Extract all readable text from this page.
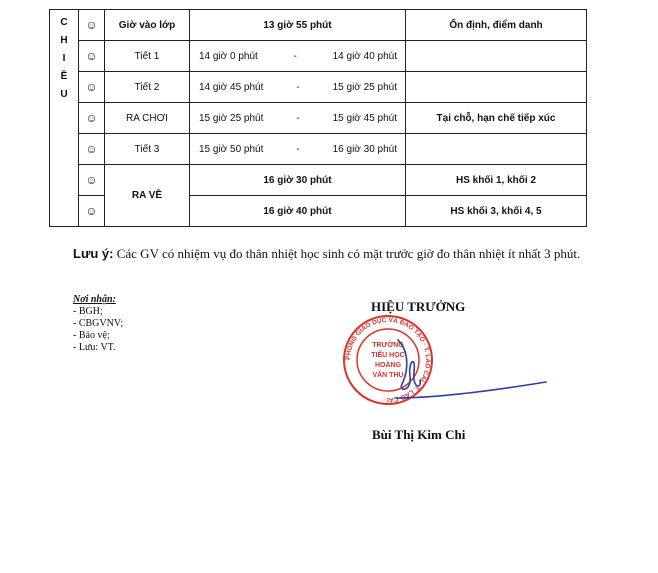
C
H
I
Ề
U	☺	Giờ vào lớp	13 giờ 55 phút	Ổn định, điểm danh
	☺	Tiết 1	14 giờ 0 phút - 14 giờ 40 phút	

	☺	Tiết 2	14 giờ 45 phút - 15 giờ 25 phút	

	☺	RA CHƠI	15 giờ 25 phút - 15 giờ 45 phút	Tại chỗ, hạn chế tiếp xúc
	☺	Tiết 3	15 giờ 50 phút - 16 giờ 30 phút	

	☺	RA VỀ	16 giờ 30 phút	HS khối 1, khối 2
	☺		16 giờ 40 phút	HS khối 3, khối 4, 5
Lưu ý: Các GV có nhiệm vụ đo thân nhiệt học sinh có mặt trước giờ đo thân nhiệt ít nhất 3 phút.
Nơi nhận:
- BGH;
- CBGVNV;
- Bảo vệ;
- Lưu: VT.
HIỆU TRƯỞNG
PHÒNG GIÁO DỤC VÀ ĐÀO TẠO · T. LÀO CAI - T. LÀO CAI ·
TRƯỜNG
TIỂU HỌC
HOÀNG
VĂN THỤ
Bùi Thị Kim Chi
